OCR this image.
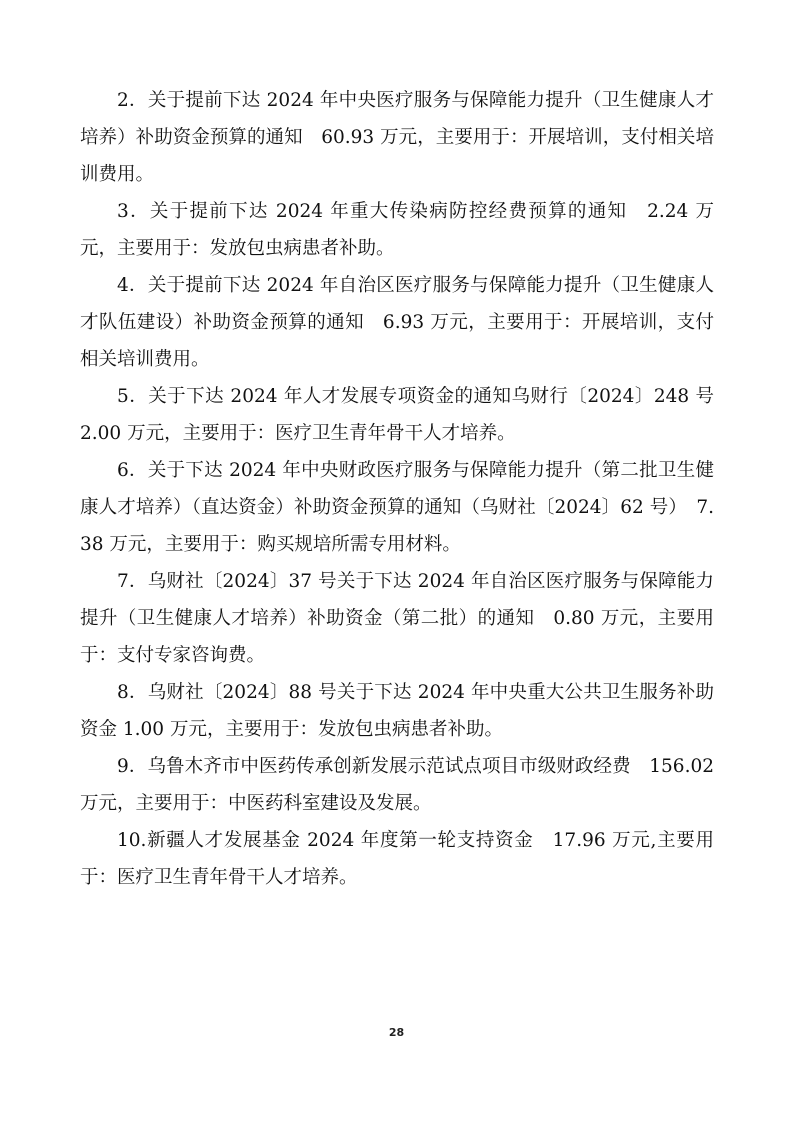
2．关于提前下达 2024 年中央医疗服务与保障能力提升（卫生健康人才培养）补助资金预算的通知　60.93 万元，主要用于：开展培训，支付相关培训费用。

3．关于提前下达 2024 年重大传染病防控经费预算的通知　2.24 万元，主要用于：发放包虫病患者补助。

4．关于提前下达 2024 年自治区医疗服务与保障能力提升（卫生健康人才队伍建设）补助资金预算的通知　6.93 万元，主要用于：开展培训，支付相关培训费用。

5．关于下达 2024 年人才发展专项资金的通知乌财行〔2024〕248 号　2.00 万元，主要用于：医疗卫生青年骨干人才培养。

6．关于下达 2024 年中央财政医疗服务与保障能力提升（第二批卫生健康人才培养）（直达资金）补助资金预算的通知（乌财社〔2024〕62 号）　7.38 万元，主要用于：购买规培所需专用材料。

7．乌财社〔2024〕37 号关于下达 2024 年自治区医疗服务与保障能力提升（卫生健康人才培养）补助资金（第二批）的通知　0.80 万元，主要用于：支付专家咨询费。

8．乌财社〔2024〕88 号关于下达 2024 年中央重大公共卫生服务补助资金 1.00 万元，主要用于：发放包虫病患者补助。

9．乌鲁木齐市中医药传承创新发展示范试点项目市级财政经费　156.02 万元，主要用于：中医药科室建设及发展。

10.新疆人才发展基金 2024 年度第一轮支持资金　17.96 万元,主要用于：医疗卫生青年骨干人才培养。

28
